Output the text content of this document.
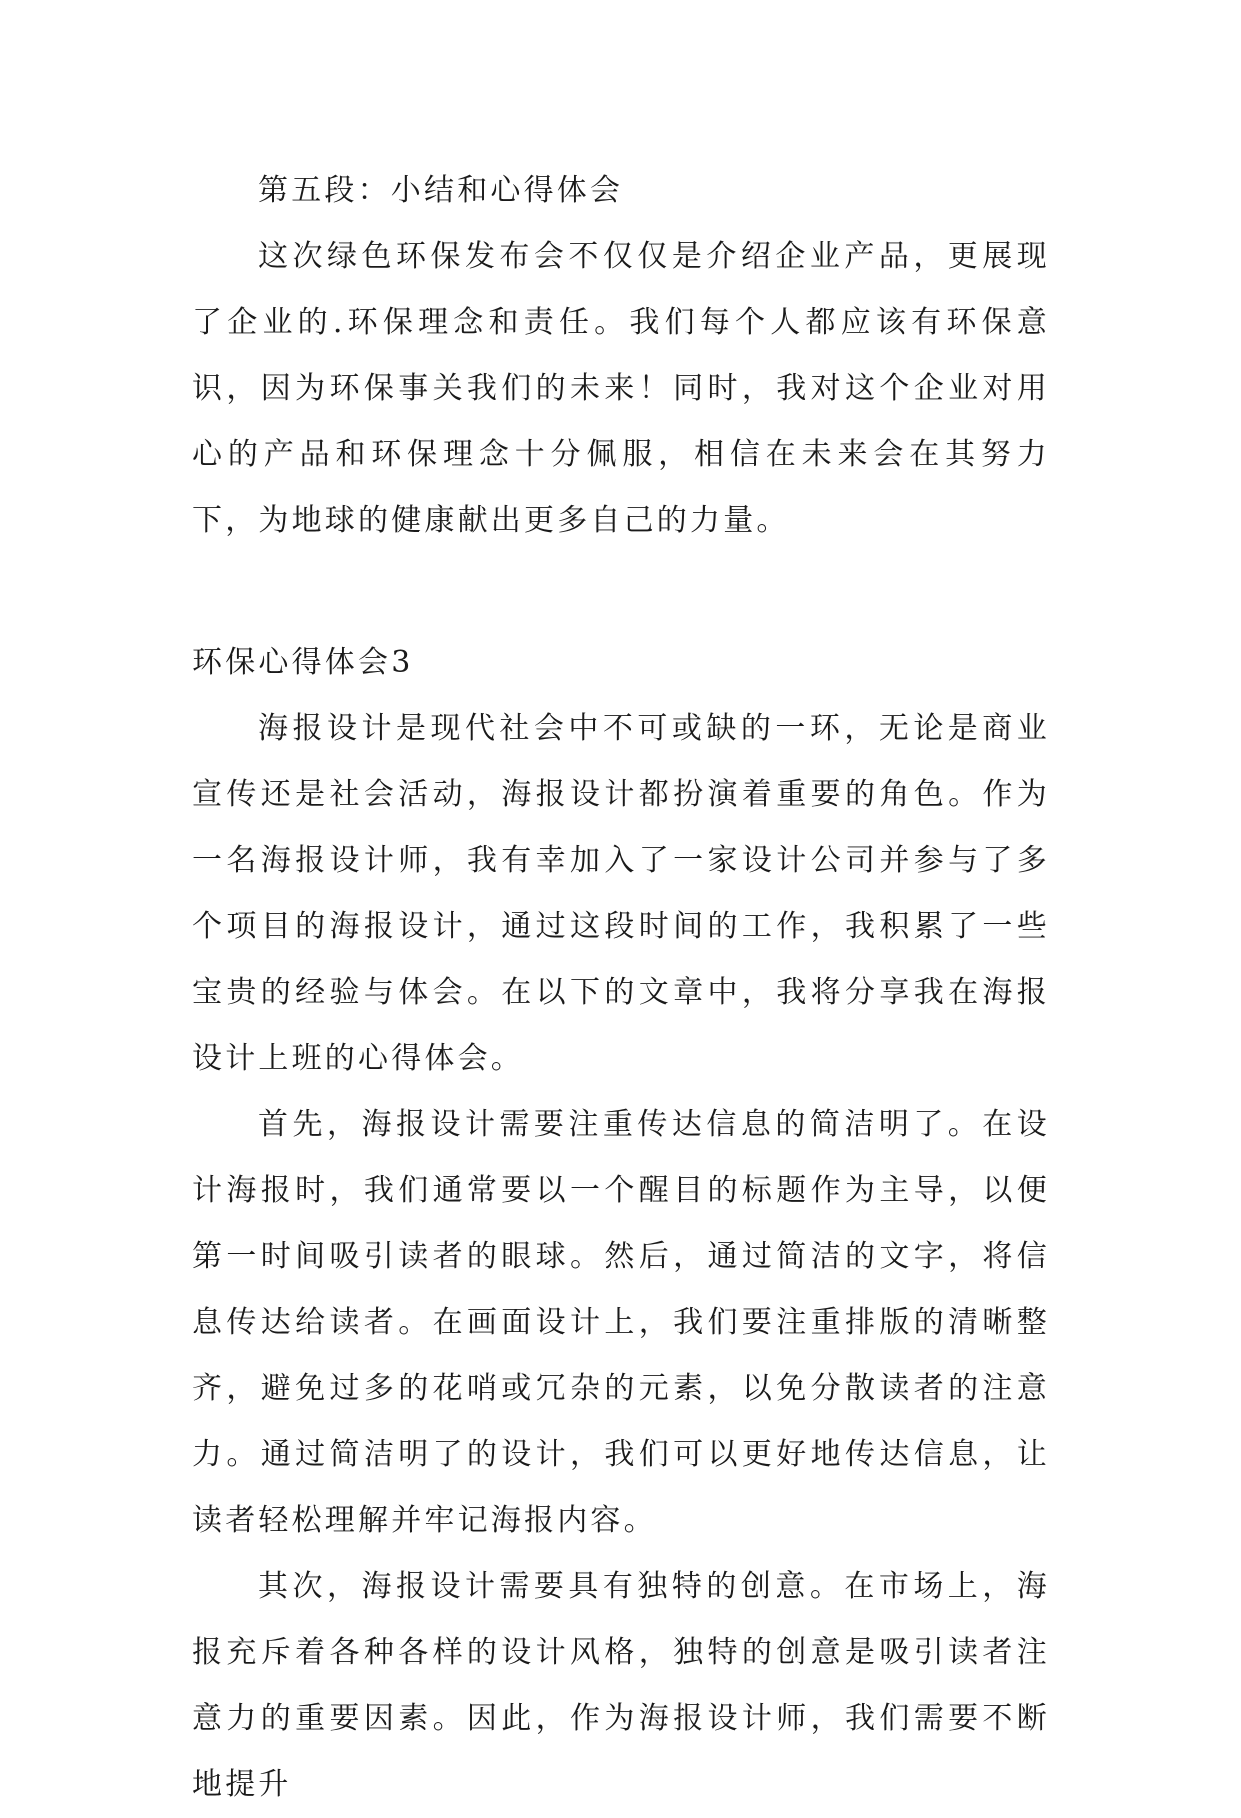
第五段：小结和心得体会

这次绿色环保发布会不仅仅是介绍企业产品，更展现了企业的.环保理念和责任。我们每个人都应该有环保意识，因为环保事关我们的未来！同时，我对这个企业对用心的产品和环保理念十分佩服，相信在未来会在其努力下，为地球的健康献出更多自己的力量。

环保心得体会3

海报设计是现代社会中不可或缺的一环，无论是商业宣传还是社会活动，海报设计都扮演着重要的角色。作为一名海报设计师，我有幸加入了一家设计公司并参与了多个项目的海报设计，通过这段时间的工作，我积累了一些宝贵的经验与体会。在以下的文章中，我将分享我在海报设计上班的心得体会。

首先，海报设计需要注重传达信息的简洁明了。在设计海报时，我们通常要以一个醒目的标题作为主导，以便第一时间吸引读者的眼球。然后，通过简洁的文字，将信息传达给读者。在画面设计上，我们要注重排版的清晰整齐，避免过多的花哨或冗杂的元素，以免分散读者的注意力。通过简洁明了的设计，我们可以更好地传达信息，让读者轻松理解并牢记海报内容。

其次，海报设计需要具有独特的创意。在市场上，海报充斥着各种各样的设计风格，独特的创意是吸引读者注意力的重要因素。因此，作为海报设计师，我们需要不断地提升
